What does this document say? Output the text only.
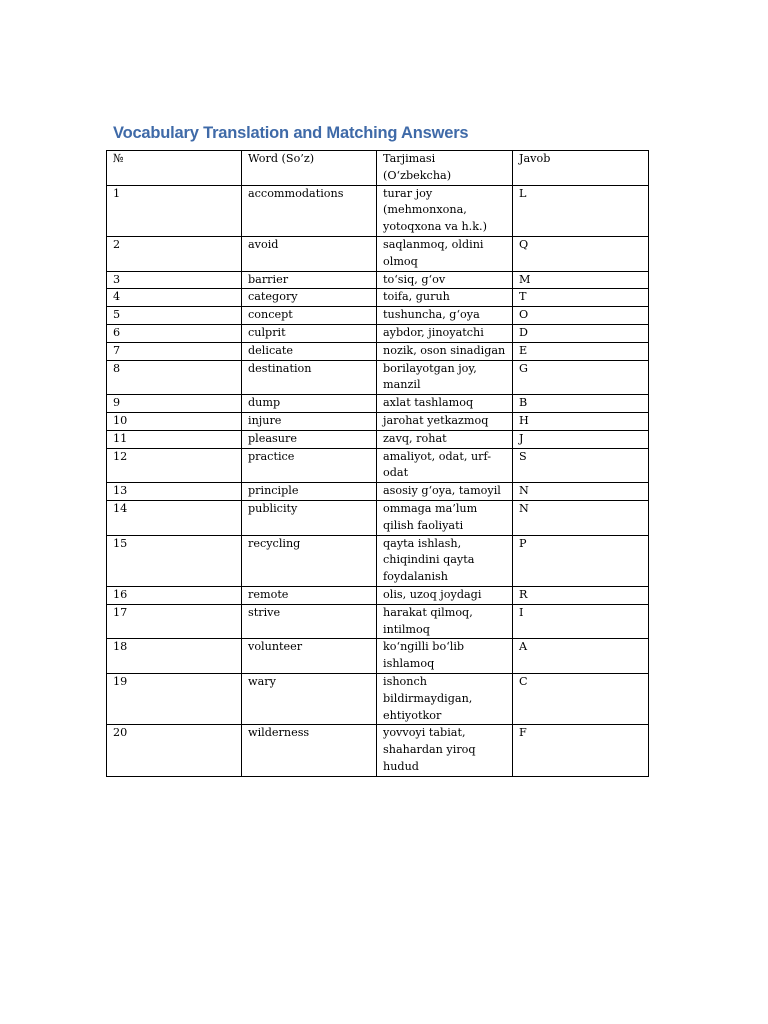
Vocabulary Translation and Matching Answers
№	Word (So’z)	Tarjimasi (O‘zbekcha)	Javob
1	accommodations	turar joy (mehmonxona, yotoqxona va h.k.)	L
2	avoid	saqlanmoq, oldini olmoq	Q
3	barrier	to‘siq, g‘ov	M
4	category	toifa, guruh	T
5	concept	tushuncha, g‘oya	O
6	culprit	aybdor, jinoyatchi	D
7	delicate	nozik, oson sinadigan	E
8	destination	borilayotgan joy, manzil	G
9	dump	axlat tashlamoq	B
10	injure	jarohat yetkazmoq	H
11	pleasure	zavq, rohat	J
12	practice	amaliyot, odat, urf-odat	S
13	principle	asosiy g‘oya, tamoyil	N
14	publicity	ommaga ma’lum qilish faoliyati	N
15	recycling	qayta ishlash, chiqindini qayta foydalanish	P
16	remote	olis, uzoq joydagi	R
17	strive	harakat qilmoq, intilmoq	I
18	volunteer	ko‘ngilli bo‘lib ishlamoq	A
19	wary	ishonch bildirmaydigan, ehtiyotkor	C
20	wilderness	yovvoyi tabiat, shahardan yiroq hudud	F
